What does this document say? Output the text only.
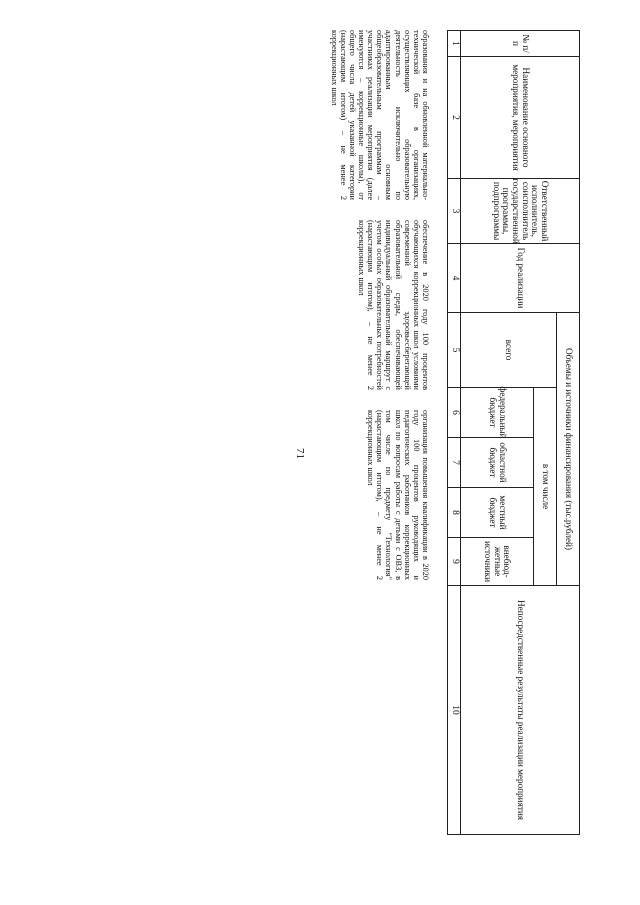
71
№ п/п
Наименование основного мероприятия, мероприятия
Ответственный исполнитель, соисполнитель государственной программы, подпрограммы
Год реализации
Объемы и источники финансирования (тыс.рублей)
всего
в том числе
федеральный бюджет
областной бюджет
местный бюджет
внебюд-жетные источники
Непосредственные результаты реализации мероприятия
1
2
3
4
5
6
7
8
9
10
образования и на обновленной материально-технической базе в организациях, осуществляющих образовательную деятельность исключительно по адаптированным основным общеобразовательным программам – участниках реализации мероприятия (далее именуются – коррекционные школы), от общего числа детей указанной категории (нарастающим итогом) – не менее 2 коррекционных школ
обеспечение в 2020 году 100 процентов обучающихся коррекционных школ условиями современной здоровьесберегающей образовательной среды, обеспечивающей индивидуальный образовательный маршрут с учетом особых образовательных потребностей (нарастающим итогом), – не менее 2 коррекционных школ
организация повышения квалификации в 2020 году 100 процентов руководящих и педагогических работников коррекционных школ по вопросам работы с детьми с ОВЗ, в том числе по предмету "Технология" (нарастающим итогом), – не менее 2 коррекционных школ
